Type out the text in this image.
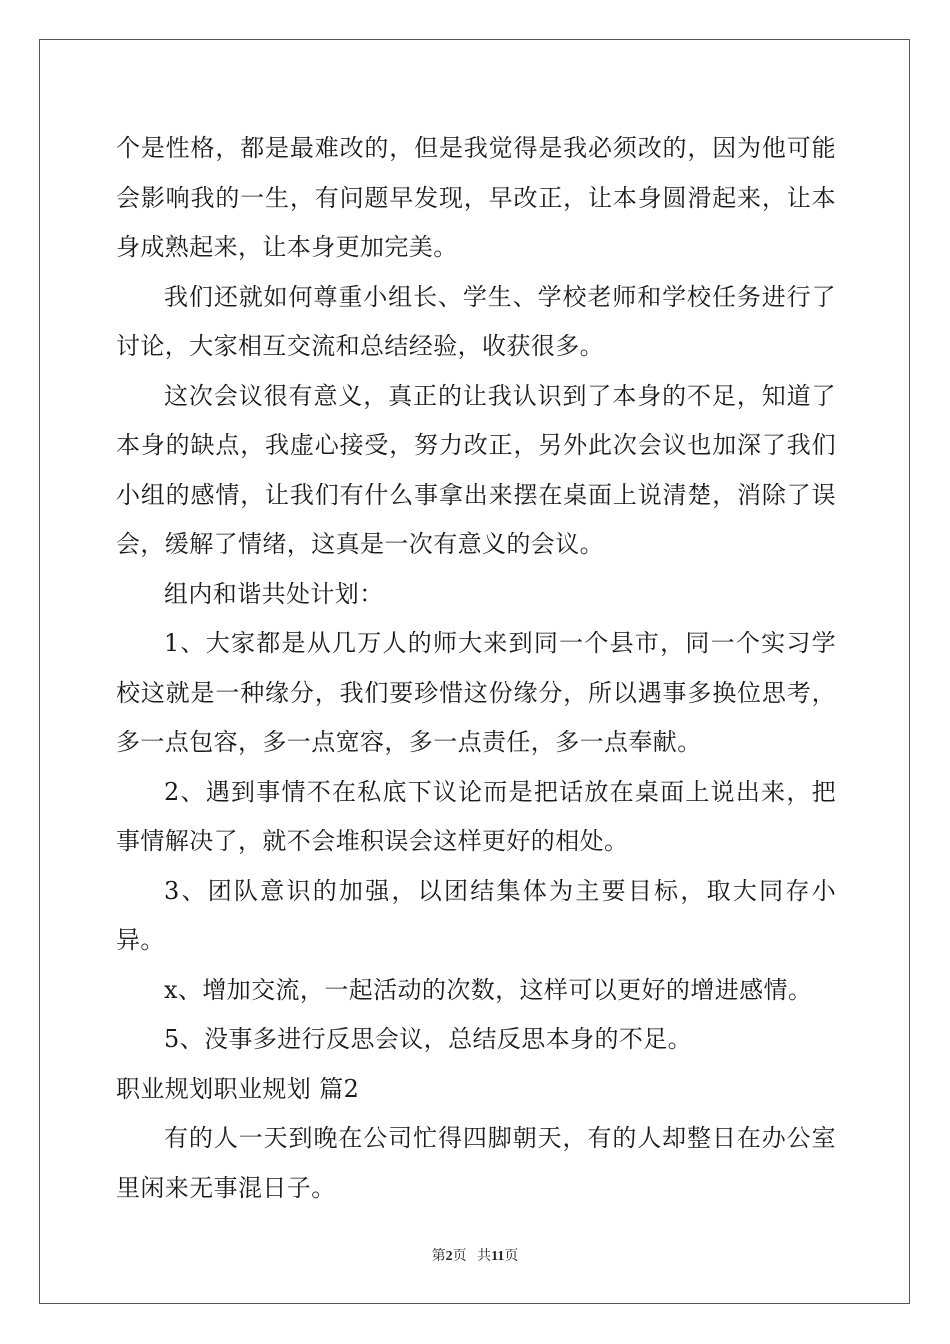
个是性格，都是最难改的，但是我觉得是我必须改的，因为他可能会影响我的一生，有问题早发现，早改正，让本身圆滑起来，让本身成熟起来，让本身更加完美。

我们还就如何尊重小组长、学生、学校老师和学校任务进行了讨论，大家相互交流和总结经验，收获很多。

这次会议很有意义，真正的让我认识到了本身的不足，知道了本身的缺点，我虚心接受，努力改正，另外此次会议也加深了我们小组的感情，让我们有什么事拿出来摆在桌面上说清楚，消除了误会，缓解了情绪，这真是一次有意义的会议。

组内和谐共处计划：

1、大家都是从几万人的师大来到同一个县市，同一个实习学校这就是一种缘分，我们要珍惜这份缘分，所以遇事多换位思考，多一点包容，多一点宽容，多一点责任，多一点奉献。

2、遇到事情不在私底下议论而是把话放在桌面上说出来，把事情解决了，就不会堆积误会这样更好的相处。

3、团队意识的加强，以团结集体为主要目标，取大同存小异。

x、增加交流，一起活动的次数，这样可以更好的增进感情。

5、没事多进行反思会议，总结反思本身的不足。

职业规划职业规划 篇2

有的人一天到晚在公司忙得四脚朝天，有的人却整日在办公室里闲来无事混日子。

第2页 共11页
